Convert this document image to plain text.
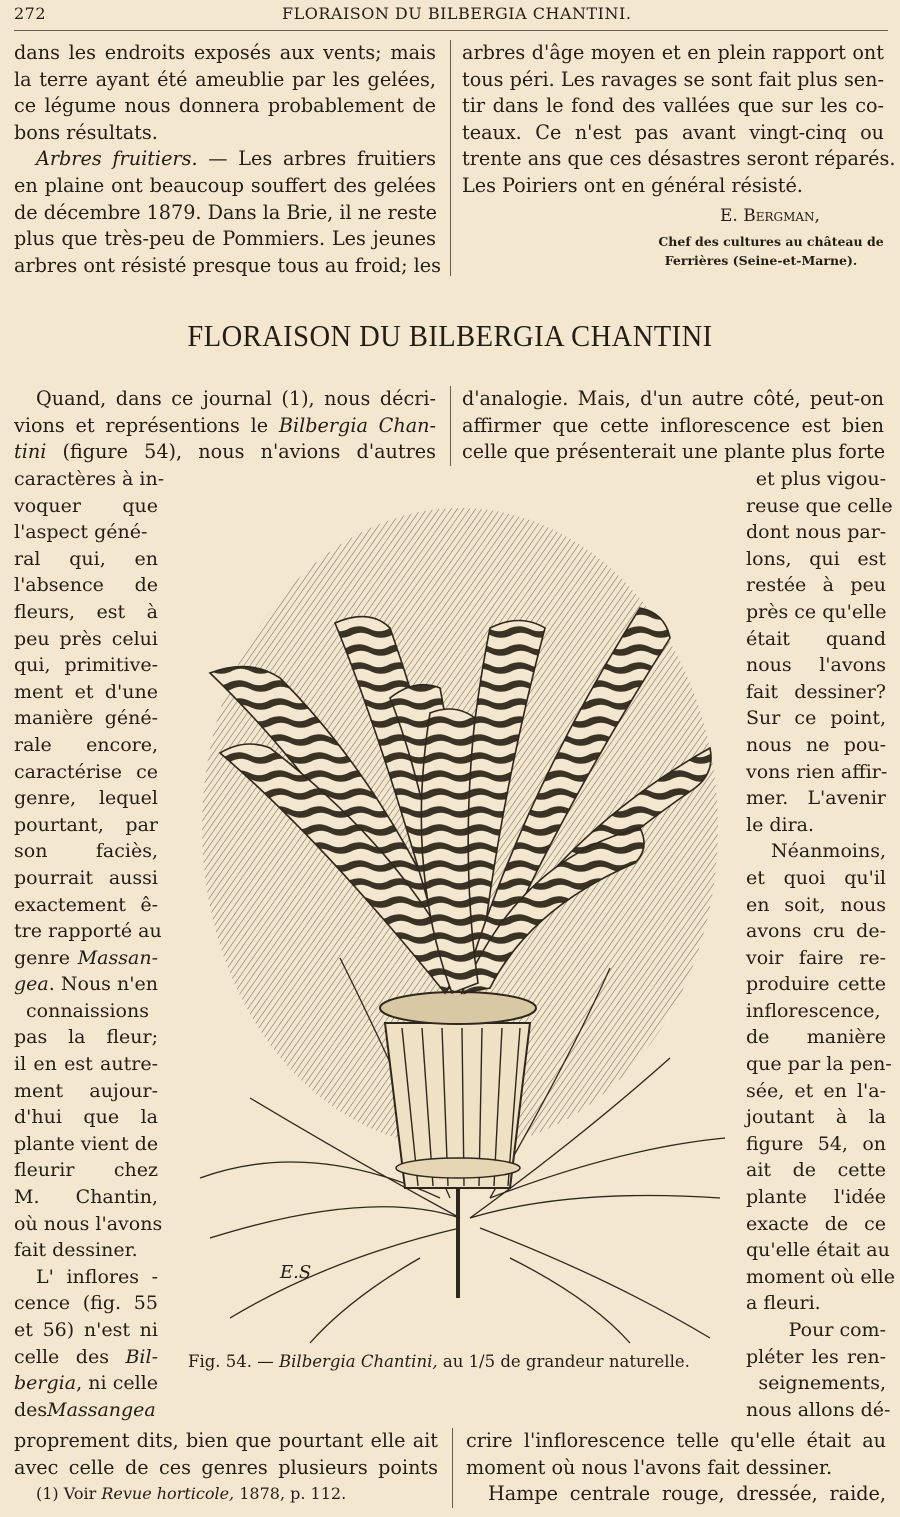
272	FLORAISON DU BILBERGIA CHANTINI.

dans les endroits exposés aux vents; mais

la terre ayant été ameublie par les gelées,

ce légume nous donnera probablement de

bons résultats.

Arbres fruitiers. — Les arbres fruitiers

en plaine ont beaucoup souffert des gelées

de décembre 1879. Dans la Brie, il ne reste

plus que très-peu de Pommiers. Les jeunes

arbres ont résisté presque tous au froid; les

arbres d'âge moyen et en plein rapport ont

tous péri. Les ravages se sont fait plus sen-

tir dans le fond des vallées que sur les co-

teaux. Ce n'est pas avant vingt-cinq ou

trente ans que ces désastres seront réparés.

Les Poiriers ont en général résisté.

E. Bergman,
Chef des cultures au château de
Ferrières (Seine-et-Marne).
FLORAISON DU BILBERGIA CHANTINI

Quand, dans ce journal (1), nous décri-

vions et représentions le Bilbergia Chan-

tini (figure 54), nous n'avions d'autres

d'analogie. Mais, d'un autre côté, peut-on

affirmer que cette inflorescence est bien

celle que présenterait une plante plus forte

caractères à in-

voquer que

l'aspect géné-

ral qui, en

l'absence de

fleurs, est à

peu près celui

qui, primitive-

ment et d'une

manière géné-

rale encore,

caractérise ce

genre, lequel

pourtant, par

son faciès,

pourrait aussi

exactement ê-

tre rapporté au

genre Massan-

gea. Nous n'en

connaissions

pas la fleur;

il en est autre-

ment aujour-

d'hui que la

plante vient de

fleurir chez

M. Chantin,

où nous l'avons

fait dessiner.

L' inflores -

cence (fig. 55

et 56) n'est ni

celle des Bil-

bergia, ni celle

desMassangea

et plus vigou-

reuse que celle

dont nous par-

lons, qui est

restée à peu

près ce qu'elle

était quand

nous l'avons

fait dessiner?

Sur ce point,

nous ne pou-

vons rien affir-

mer. L'avenir

le dira.

Néanmoins,

et quoi qu'il

en soit, nous

avons cru de-

voir faire re-

produire cette

inflorescence,

de manière

que par la pen-

sée, et en l'a-

joutant à la

figure 54, on

ait de cette

plante l'idée

exacte de ce

qu'elle était au

moment où elle

a fleuri.

Pour com-

pléter les ren-

seignements,

nous allons dé-

E.S
Fig. 54. — Bilbergia Chantini, au 1/5 de grandeur naturelle.

proprement dits, bien que pourtant elle ait

avec celle de ces genres plusieurs points

crire l'inflorescence telle qu'elle était au

moment où nous l'avons fait dessiner.

Hampe centrale rouge, dressée, raide,

(1) Voir Revue horticole, 1878, p. 112.
